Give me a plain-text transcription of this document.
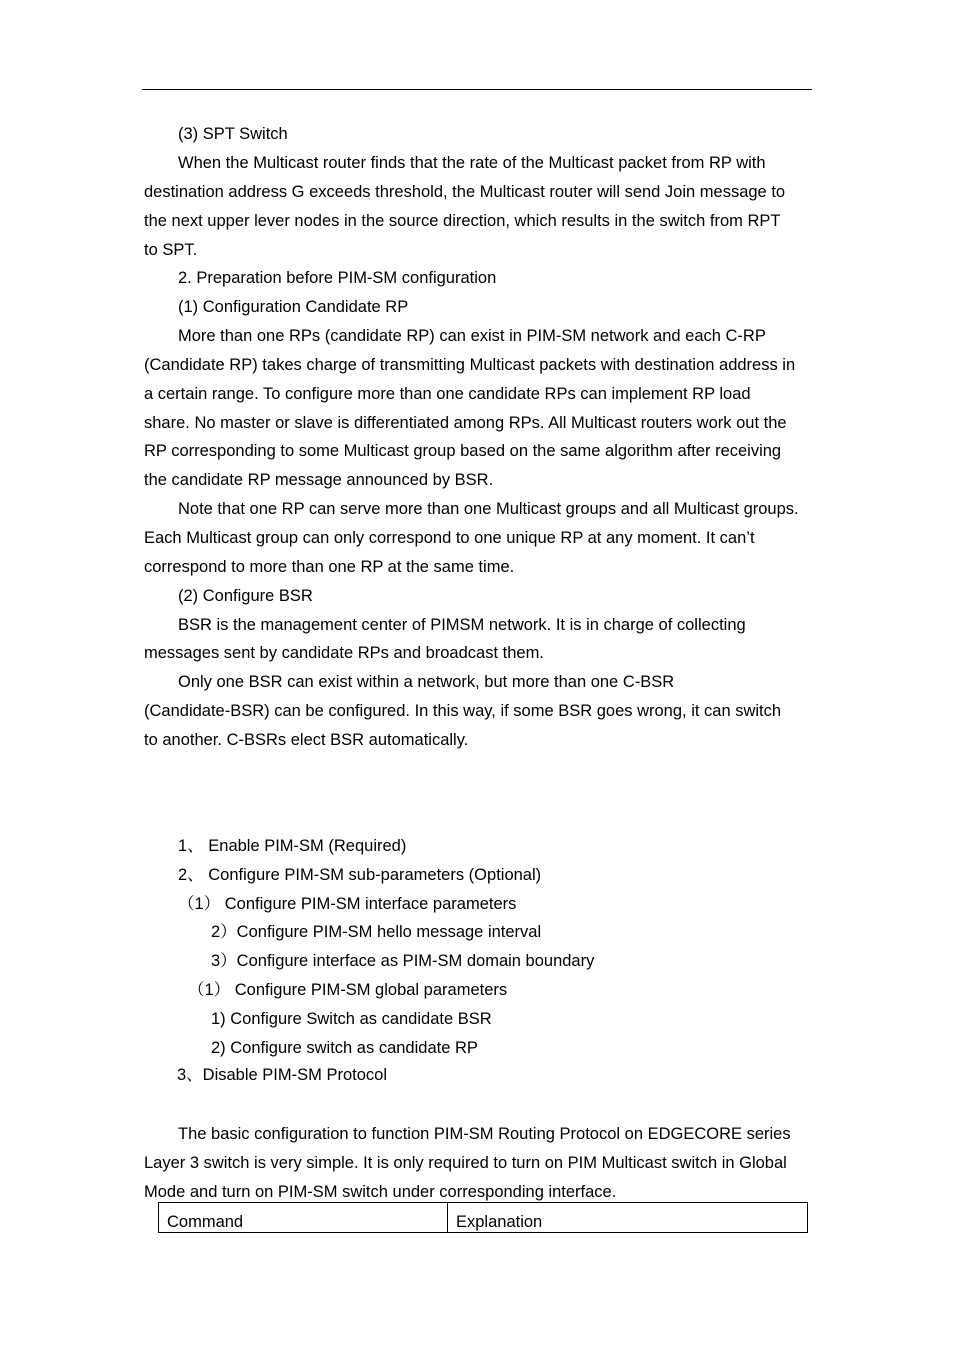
(3) SPT Switch
When the Multicast router finds that the rate of the Multicast packet from RP with
destination address G exceeds threshold, the Multicast router will send Join message to
the next upper lever nodes in the source direction, which results in the switch from RPT
to SPT.
2. Preparation before PIM-SM configuration
(1) Configuration Candidate RP
More than one RPs (candidate RP) can exist in PIM-SM network and each C-RP
(Candidate RP) takes charge of transmitting Multicast packets with destination address in
a certain range. To configure more than one candidate RPs can implement RP load
share. No master or slave is differentiated among RPs. All Multicast routers work out the
RP corresponding to some Multicast group based on the same algorithm after receiving
the candidate RP message announced by BSR.
Note that one RP can serve more than one Multicast groups and all Multicast groups.
Each Multicast group can only correspond to one unique RP at any moment. It can’t
correspond to more than one RP at the same time.
(2) Configure BSR
BSR is the management center of PIMSM network. It is in charge of collecting
messages sent by candidate RPs and broadcast them.
Only one BSR can exist within a network, but more than one C-BSR
(Candidate-BSR) can be configured. In this way, if some BSR goes wrong, it can switch
to another. C-BSRs elect BSR automatically.
1、 Enable PIM-SM (Required)
2、 Configure PIM-SM sub-parameters (Optional)
（1） Configure PIM-SM interface parameters
2）Configure PIM-SM hello message interval
3）Configure interface as PIM-SM domain boundary
（1） Configure PIM-SM global parameters
1) Configure Switch as candidate BSR
2) Configure switch as candidate RP
3、Disable PIM-SM Protocol
The basic configuration to function PIM-SM Routing Protocol on EDGECORE series
Layer 3 switch is very simple. It is only required to turn on PIM Multicast switch in Global
Mode and turn on PIM-SM switch under corresponding interface.
Command	Explanation
